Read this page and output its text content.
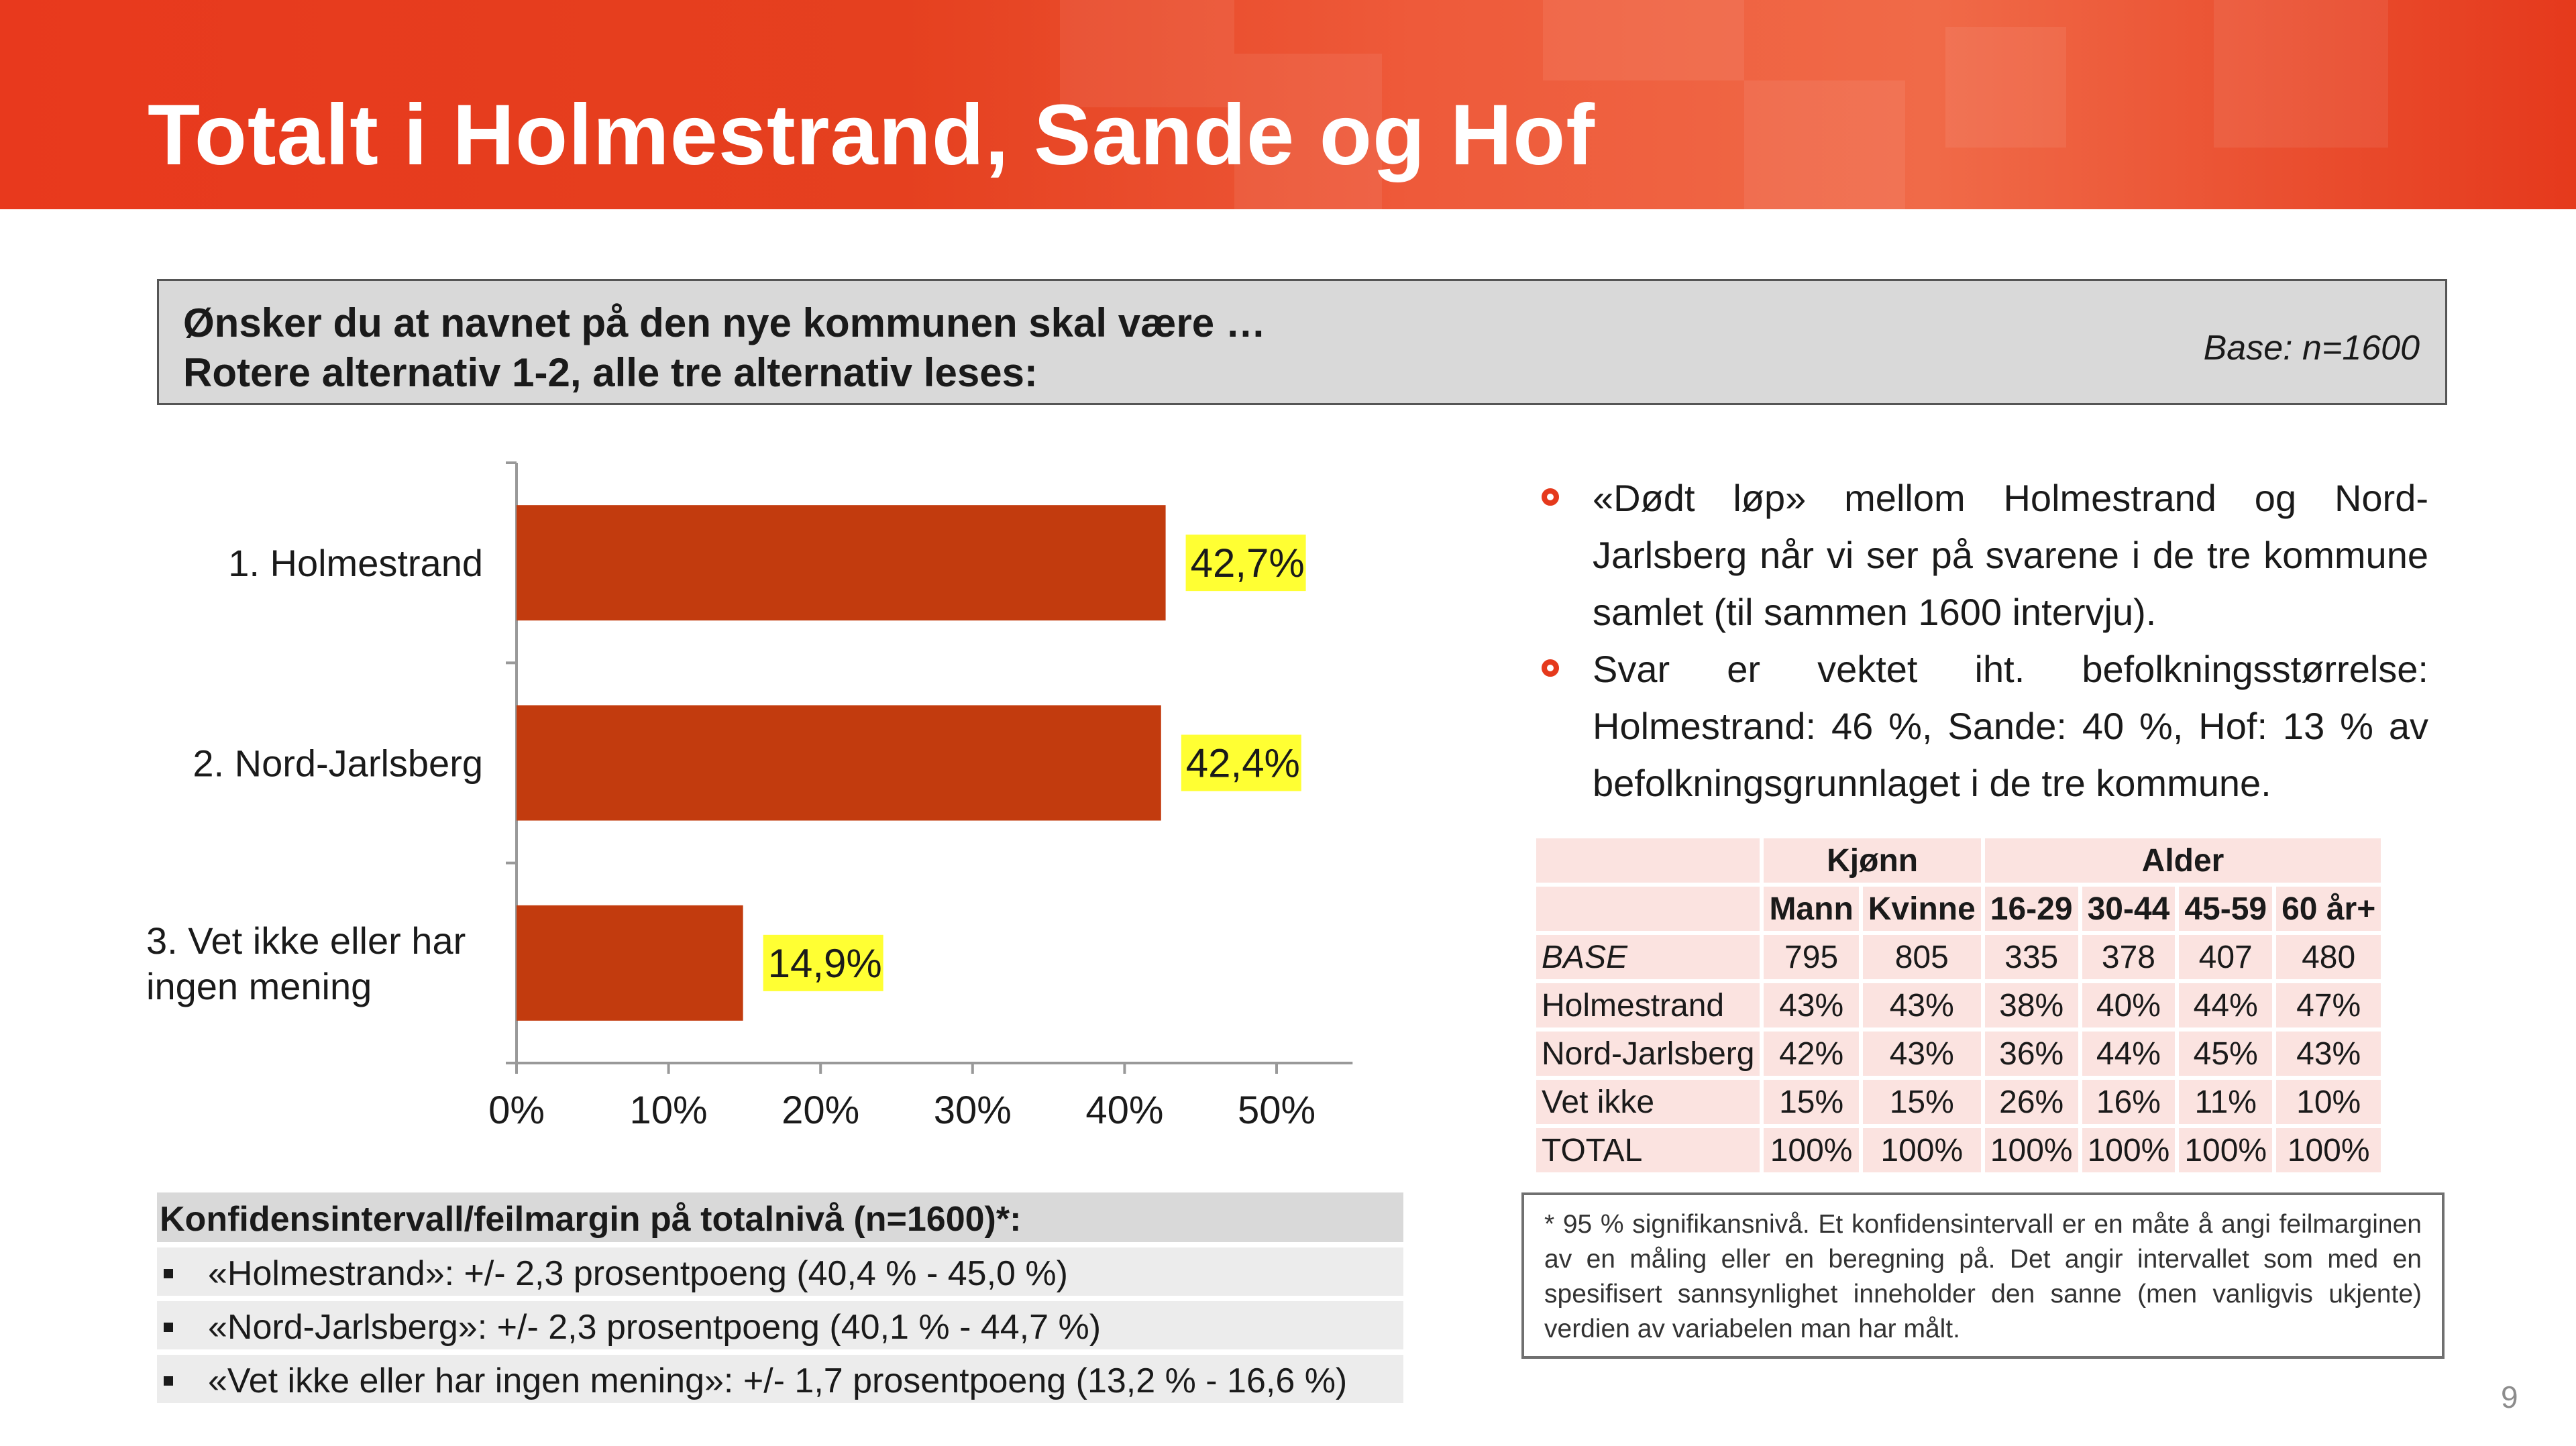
Totalt i Holmestrand, Sande og Hof
Ønsker du at navnet på den nye kommunen skal være …
Rotere alternativ 1-2, alle tre alternativ leses:
Base: n=1600
0% 10% 20% 30% 40% 50%
1. Holmestrand	42,7%
2. Nord-Jarlsberg	42,4%
3. Vet ikke eller har ingen mening
14,9%
«Dødt løp» mellom Holmestrand og Nord-Jarlsberg når vi ser på svarene i de tre kommune samlet (til sammen 1600 intervju).
Svar er vektet iht. befolkningsstørrelse: Holmestrand: 46 %, Sande: 40 %, Hof: 13 % av befolkningsgrunnlaget i de tre kommune.
	Kjønn		Alder			
	Mann	Kvinne	16-29	30-44	45-59	60 år+
BASE	795	805	335	378	407	480
Holmestrand	43%	43%	38%	40%	44%	47%
Nord-Jarlsberg	42%	43%	36%	44%	45%	43%
Vet ikke	15%	15%	26%	16%	11%	10%
TOTAL	100%	100%	100%	100%	100%	100%
* 95 % signifikansnivå. Et konfidensintervall er en måte å angi feilmarginen av en måling eller en beregning på. Det angir intervallet som med en spesifisert sannsynlighet inneholder den sanne (men vanligvis ukjente) verdien av variabelen man har målt.
Konfidensintervall/feilmargin på totalnivå (n=1600)*:
«Holmestrand»: +/- 2,3 prosentpoeng (40,4 % - 45,0 %)
«Nord-Jarlsberg»: +/- 2,3 prosentpoeng (40,1 % - 44,7 %)
«Vet ikke eller har ingen mening»: +/- 1,7 prosentpoeng (13,2 % - 16,6 %)	9
